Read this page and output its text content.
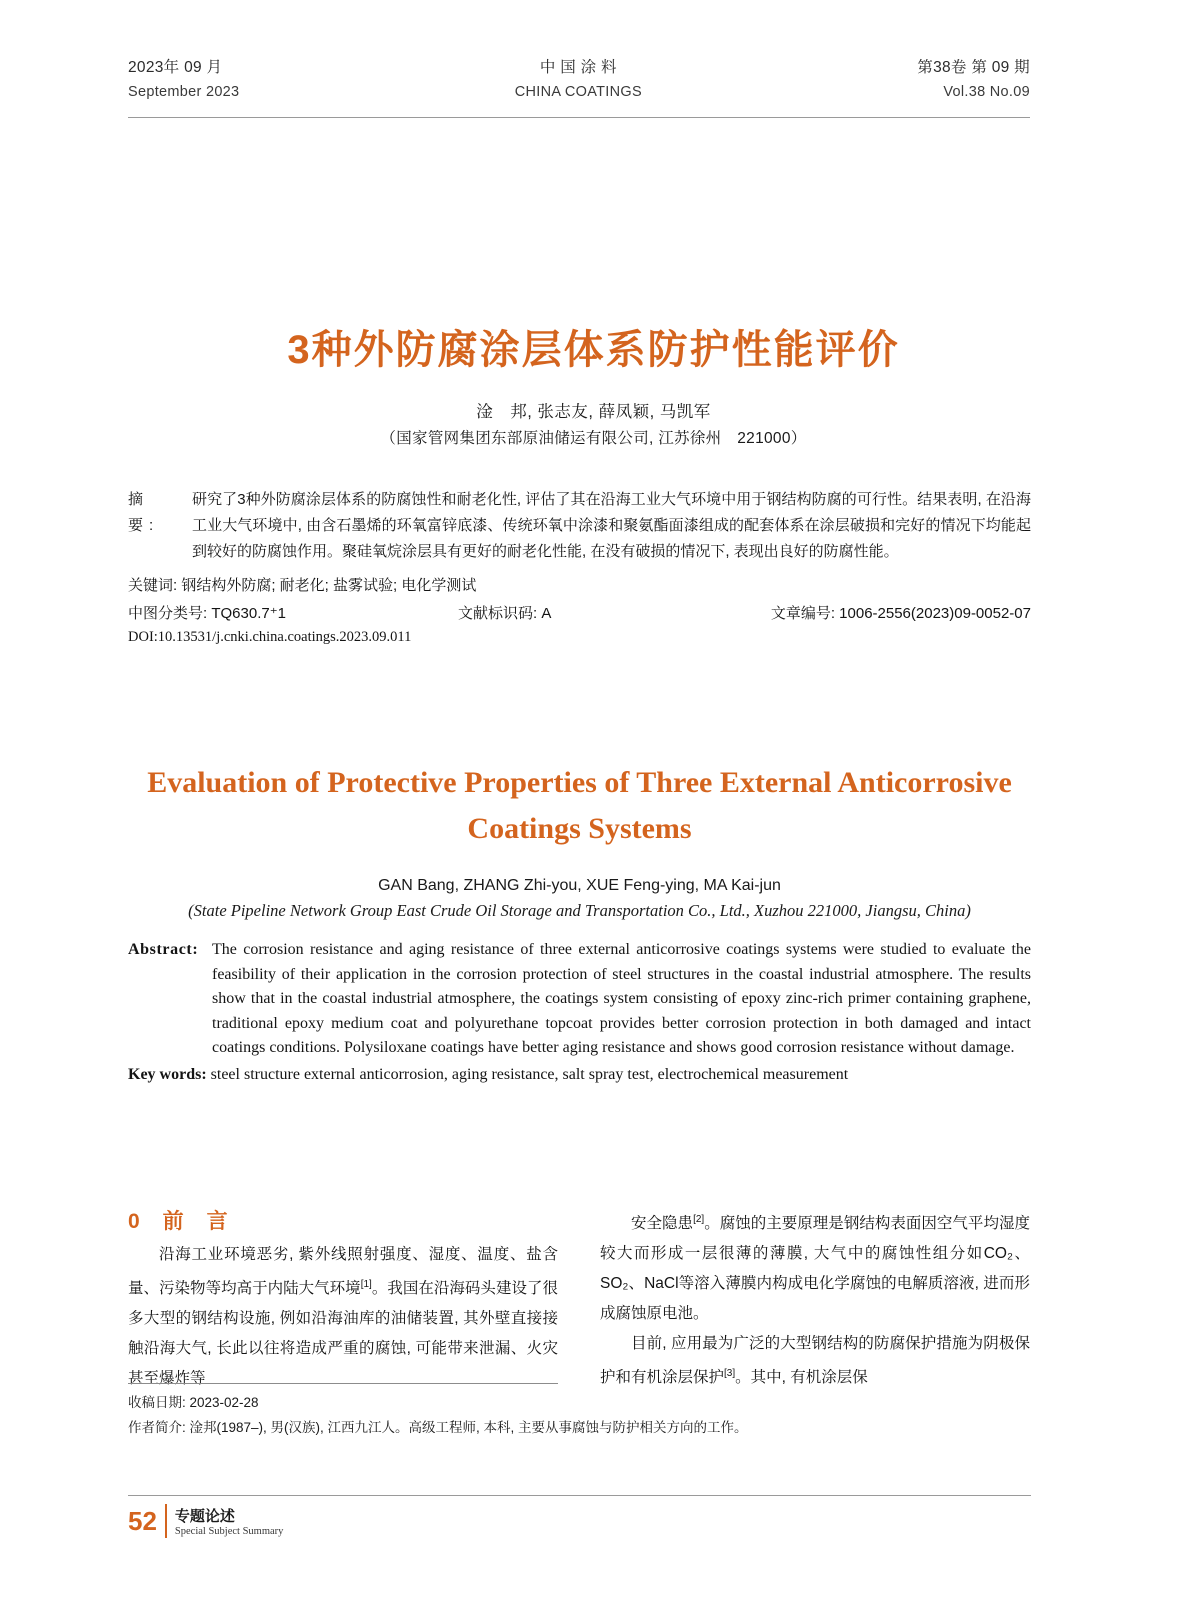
2023年 09 月
September 2023
中 国 涂 料
CHINA COATINGS
第38卷 第 09 期
Vol.38 No.09
3种外防腐涂层体系防护性能评价
淦　邦, 张志友, 薛凤颖, 马凯军
（国家管网集团东部原油储运有限公司, 江苏徐州　221000）
摘　要:
研究了3种外防腐涂层体系的防腐蚀性和耐老化性, 评估了其在沿海工业大气环境中用于钢结构防腐的可行性。结果表明, 在沿海工业大气环境中, 由含石墨烯的环氧富锌底漆、传统环氧中涂漆和聚氨酯面漆组成的配套体系在涂层破损和完好的情况下均能起到较好的防腐蚀作用。聚硅氧烷涂层具有更好的耐老化性能, 在没有破损的情况下, 表现出良好的防腐性能。
关键词: 钢结构外防腐; 耐老化; 盐雾试验; 电化学测试
中图分类号: TQ630.7⁺1	文献标识码: A	文章编号: 1006-2556(2023)09-0052-07
DOI:10.13531/j.cnki.china.coatings.2023.09.011
Evaluation of Protective Properties of Three External Anticorrosive Coatings Systems
GAN Bang, ZHANG Zhi-you, XUE Feng-ying, MA Kai-jun
(State Pipeline Network Group East Crude Oil Storage and Transportation Co., Ltd., Xuzhou 221000, Jiangsu, China)
Abstract: The corrosion resistance and aging resistance of three external anticorrosive coatings systems were studied to evaluate the feasibility of their application in the corrosion protection of steel structures in the coastal industrial atmosphere. The results show that in the coastal industrial atmosphere, the coatings system consisting of epoxy zinc-rich primer containing graphene, traditional epoxy medium coat and polyurethane topcoat provides better corrosion protection in both damaged and intact coatings conditions. Polysiloxane coatings have better aging resistance and shows good corrosion resistance without damage.
Key words: steel structure external anticorrosion, aging resistance, salt spray test, electrochemical measurement
0　前　言

沿海工业环境恶劣, 紫外线照射强度、湿度、温度、盐含量、污染物等均高于内陆大气环境[1]。我国在沿海码头建设了很多大型的钢结构设施, 例如沿海油库的油储装置, 其外壁直接接触沿海大气, 长此以往将造成严重的腐蚀, 可能带来泄漏、火灾甚至爆炸等

安全隐患[2]。腐蚀的主要原理是钢结构表面因空气平均湿度较大而形成一层很薄的薄膜, 大气中的腐蚀性组分如CO₂、SO₂、NaCl等溶入薄膜内构成电化学腐蚀的电解质溶液, 进而形成腐蚀原电池。

目前, 应用最为广泛的大型钢结构的防腐保护措施为阴极保护和有机涂层保护[3]。其中, 有机涂层保

收稿日期: 2023-02-28
作者简介: 淦邦(1987–), 男(汉族), 江西九江人。高级工程师, 本科, 主要从事腐蚀与防护相关方向的工作。
52 专题论述
Special Subject Summary
